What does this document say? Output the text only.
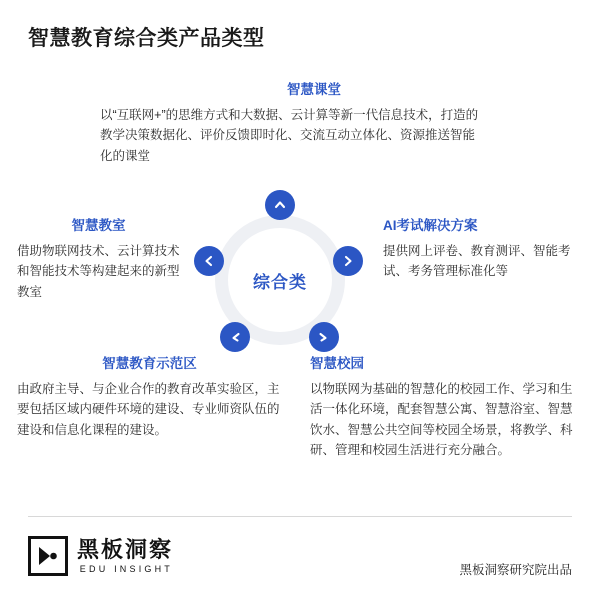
智慧教育综合类产品类型
综合类
智慧课堂

以“互联网+”的思维方式和大数据、云计算等新一代信息技术，打造的教学决策数据化、评价反馈即时化、交流互动立体化、资源推送智能化的课堂

AI考试解决方案

提供网上评卷、教育测评、智能考试、考务管理标准化等

智慧教室

借助物联网技术、云计算技术和智能技术等构建起来的新型教室

智慧教育示范区

由政府主导、与企业合作的教育改革实验区，主要包括区域内硬件环境的建设、专业师资队伍的建设和信息化课程的建设。

智慧校园

以物联网为基础的智慧化的校园工作、学习和生活一体化环境，配套智慧公寓、智慧浴室、智慧饮水、智慧公共空间等校园全场景，将教学、科研、管理和校园生活进行充分融合。

黑板洞察
EDU INSIGHT	黑板洞察研究院出品
